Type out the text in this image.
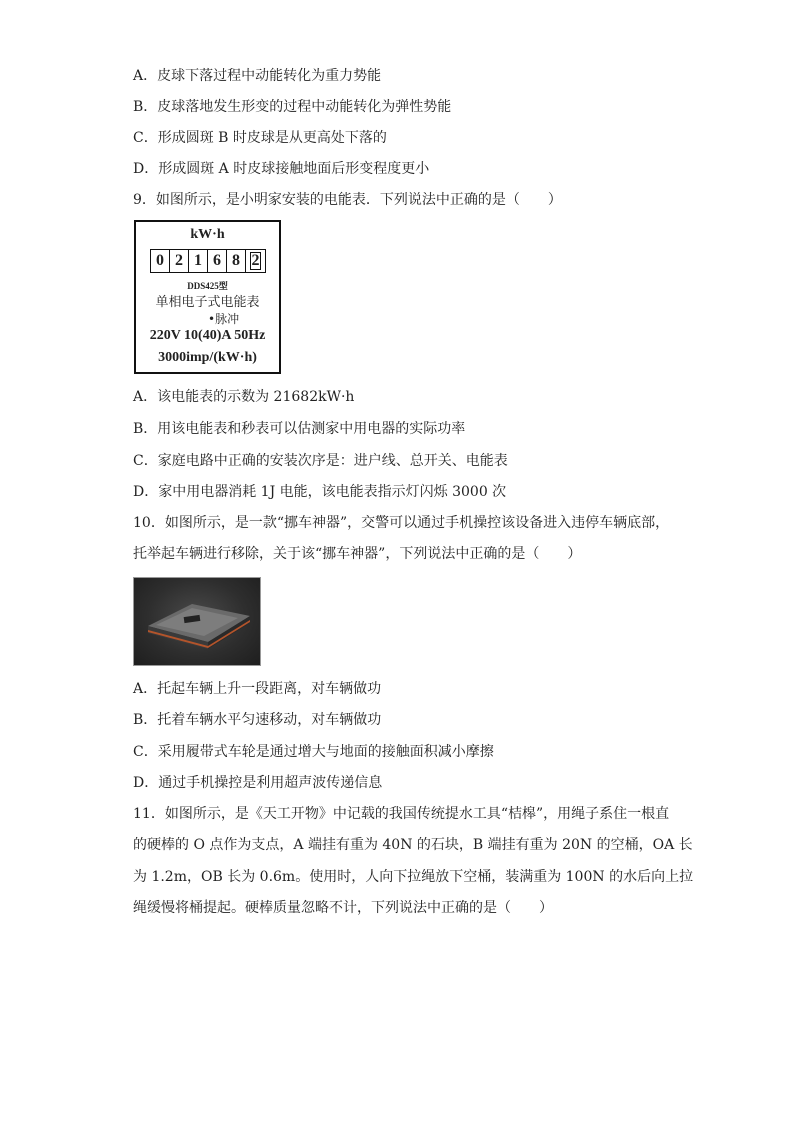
A．皮球下落过程中动能转化为重力势能
B．皮球落地发生形变的过程中动能转化为弹性势能
C．形成圆斑 B 时皮球是从更高处下落的
D．形成圆斑 A 时皮球接触地面后形变程度更小
9．如图所示，是小明家安装的电能表．下列说法中正确的是（　　）
kW·h
0 2 1 6 8 2
DDS425型
单相电子式电能表
•脉冲
220V 10(40)A 50Hz
3000imp/(kW·h)
A．该电能表的示数为 21682kW·h
B．用该电能表和秒表可以估测家中用电器的实际功率
C．家庭电路中正确的安装次序是：进户线、总开关、电能表
D．家中用电器消耗 1J 电能，该电能表指示灯闪烁 3000 次
10．如图所示，是一款“挪车神器”，交警可以通过手机操控该设备进入违停车辆底部，
托举起车辆进行移除，关于该“挪车神器”，下列说法中正确的是（　　）
A．托起车辆上升一段距离，对车辆做功
B．托着车辆水平匀速移动，对车辆做功
C．采用履带式车轮是通过增大与地面的接触面积减小摩擦
D．通过手机操控是利用超声波传递信息
11．如图所示，是《天工开物》中记载的我国传统提水工具“桔槔”，用绳子系住一根直
的硬棒的 O 点作为支点，A 端挂有重为 40N 的石块，B 端挂有重为 20N 的空桶，OA 长
为 1.2m，OB 长为 0.6m。使用时，人向下拉绳放下空桶，装满重为 100N 的水后向上拉
绳缓慢将桶提起。硬棒质量忽略不计，下列说法中正确的是（　　）
